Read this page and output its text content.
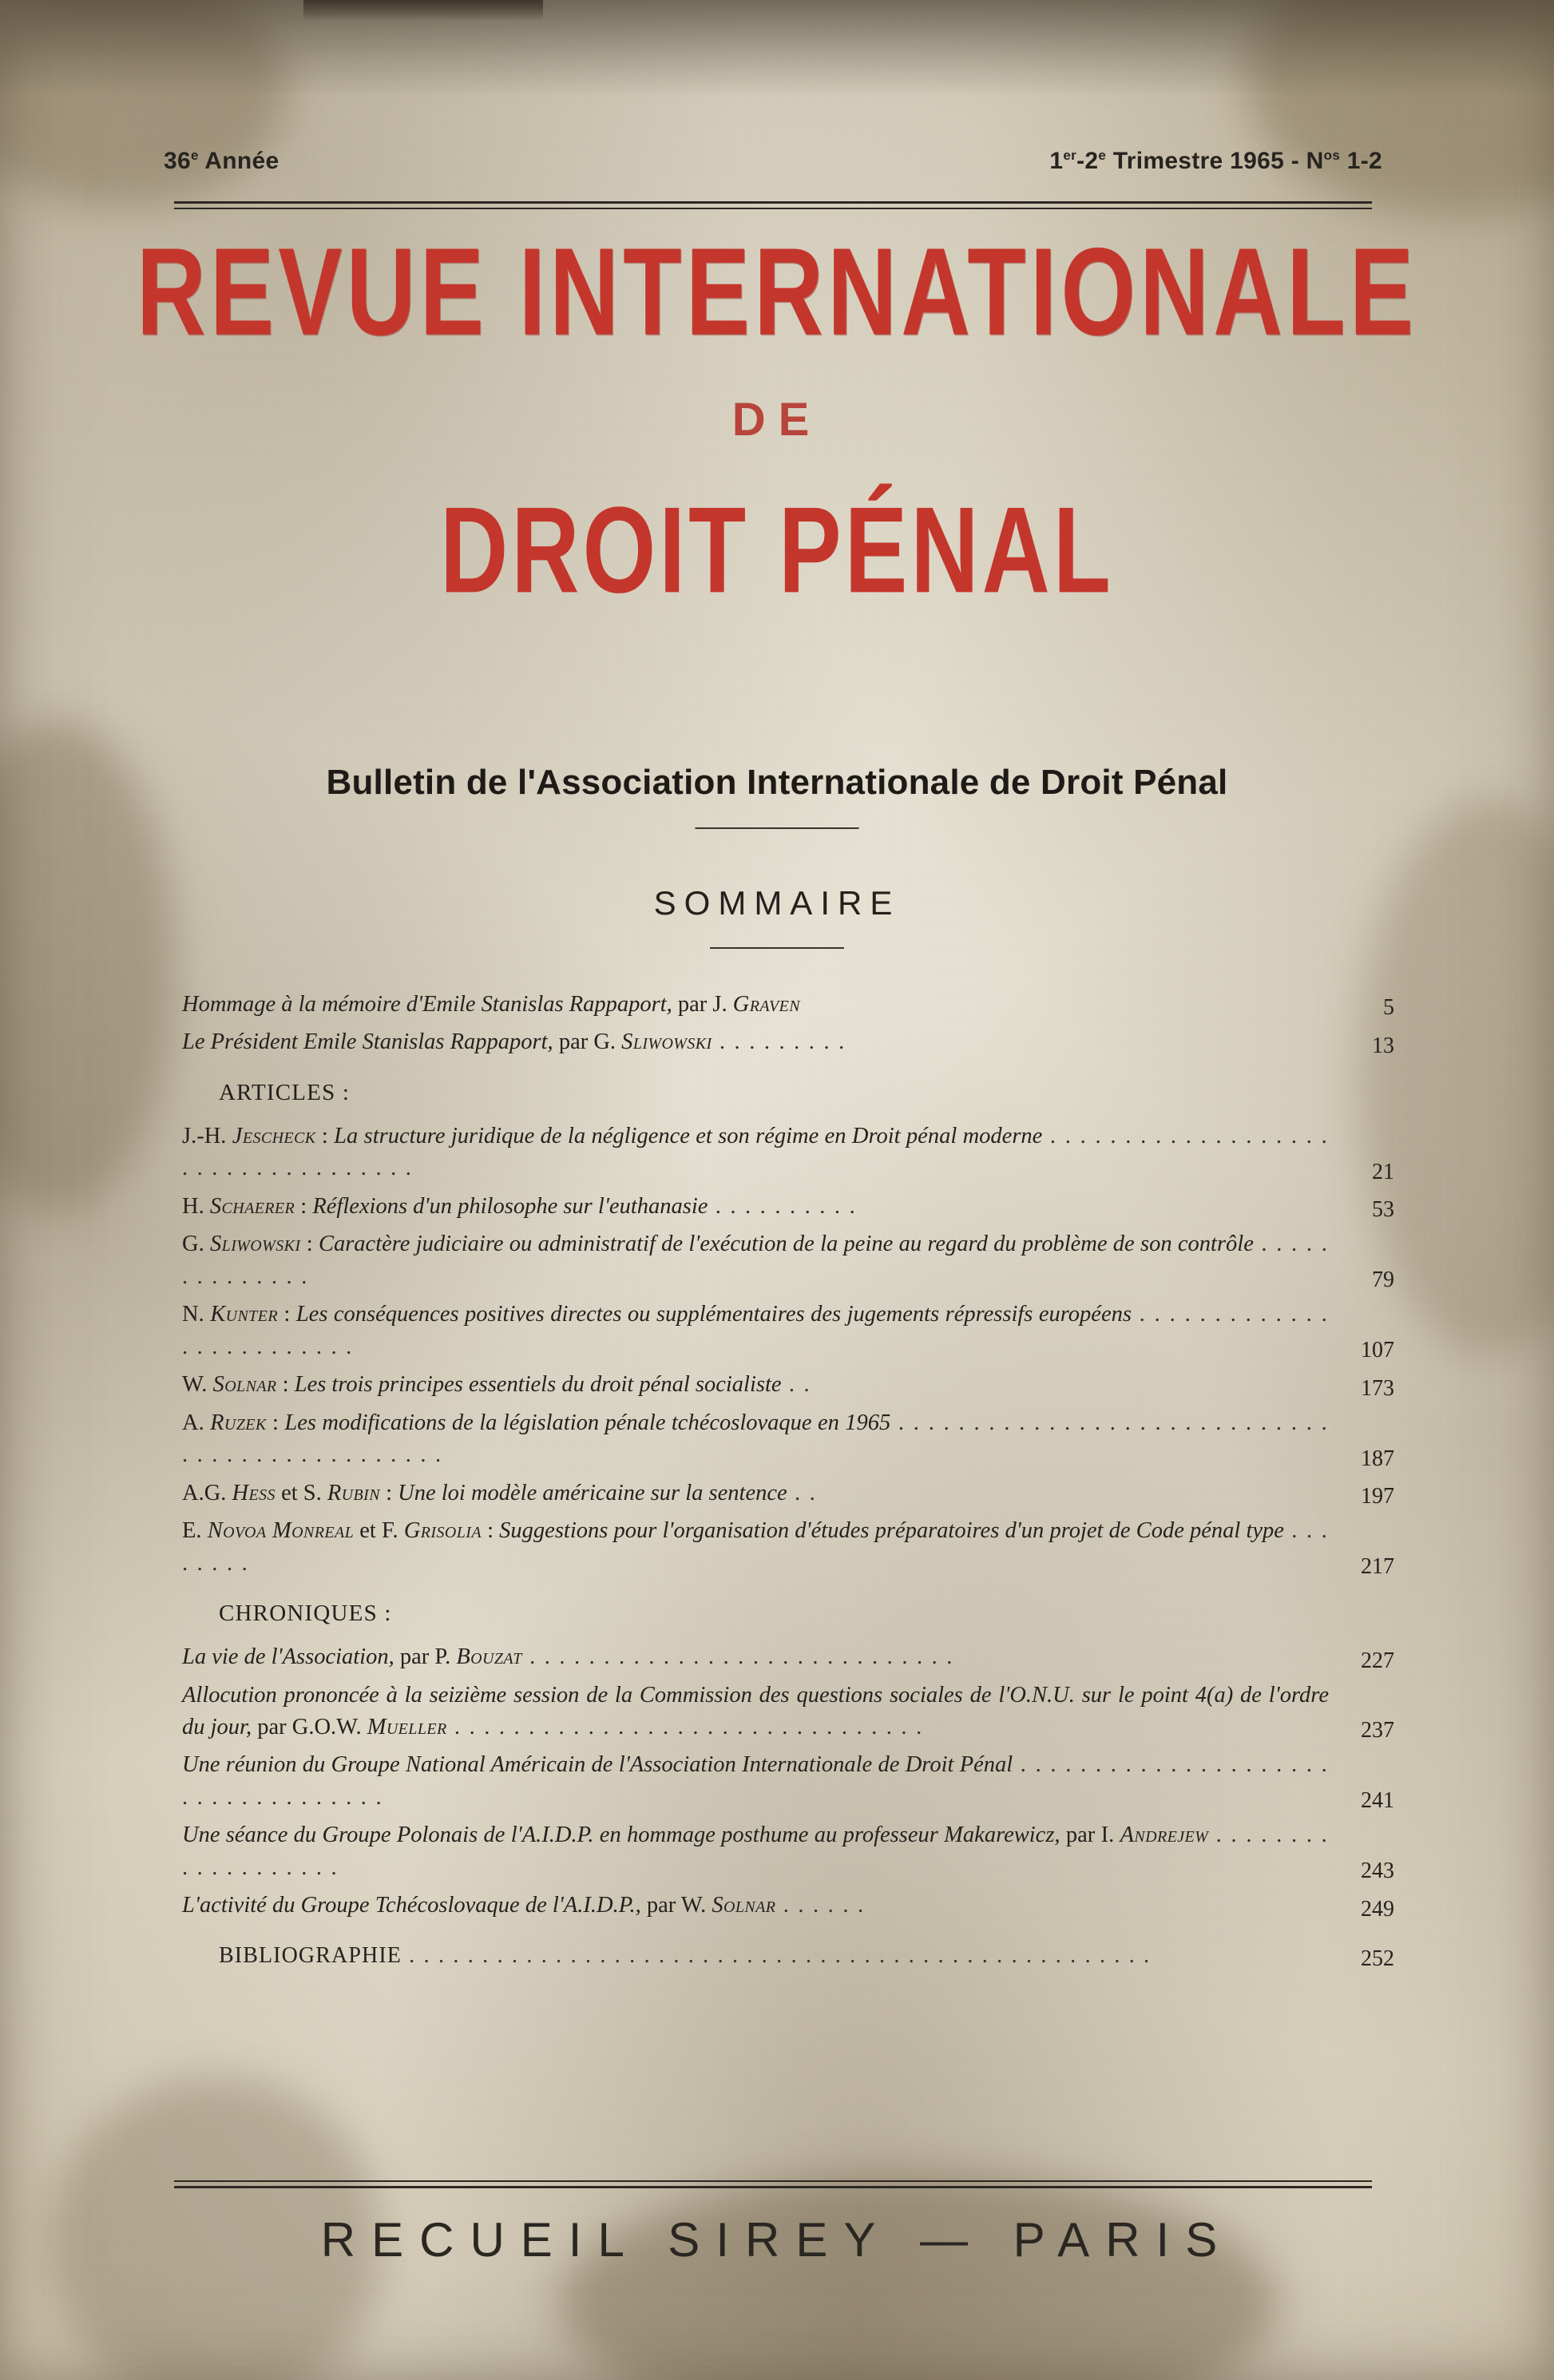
36e Année	1er-2e Trimestre $1965 - N^{os}$ 1-2
REVUE INTERNATIONALE
DE
DROIT PÉNAL
Bulletin de l'Association Internationale de Droit Pénal
SOMMAIRE
Hommage à la mémoire d'Emile Stanislas Rappaport, par J. Graven	5
Le Président Emile Stanislas Rappaport, par G. Sliwowski . . . . . . . . .	13
ARTICLES :
J.-H. Jescheck : La structure juridique de la négligence et son régime en Droit pénal moderne . . . . . . . . . . . . . . . . . . . . . . . . . . . . . . . . . . .	21
H. Schaerer : Réflexions d'un philosophe sur l'euthanasie . . . . . . . . . .	53
G. Sliwowski : Caractère judiciaire ou administratif de l'exécution de la peine au regard du problème de son contrôle . . . . . . . . . . . . . .	79
N. Kunter : Les conséquences positives directes ou supplémentaires des jugements répressifs européens . . . . . . . . . . . . . . . . . . . . . . . . .	107
W. Solnar : Les trois principes essentiels du droit pénal socialiste . .	173
A. Ruzek : Les modifications de la législation pénale tchécoslovaque en 1965 . . . . . . . . . . . . . . . . . . . . . . . . . . . . . . . . . . . . . . . . . . . . . . .	187
A.G. Hess et S. Rubin : Une loi modèle américaine sur la sentence . .	197
E. Novoa Monreal et F. Grisolia : Suggestions pour l'organisation d'études préparatoires d'un projet de Code pénal type . . . . . . . .	217
CHRONIQUES :
La vie de l'Association, par P. Bouzat . . . . . . . . . . . . . . . . . . . . . . . . . . . . .	227
Allocution prononcée à la seizième session de la Commission des questions sociales de l'O.N.U. sur le point 4(a) de l'ordre du jour, par G.O.W. Mueller . . . . . . . . . . . . . . . . . . . . . . . . . . . . . . . .	237
Une réunion du Groupe National Américain de l'Association Internationale de Droit Pénal . . . . . . . . . . . . . . . . . . . . . . . . . . . . . . . . . . .	241
Une séance du Groupe Polonais de l'A.I.D.P. en hommage posthume au professeur Makarewicz, par I. Andrejew . . . . . . . . . . . . . . . . . . .	243
L'activité du Groupe Tchécoslovaque de l'A.I.D.P., par W. Solnar . . . . . .	249
BIBLIOGRAPHIE . . . . . . . . . . . . . . . . . . . . . . . . . . . . . . . . . . . . . . . . . . . . . . . . . . .	252
RECUEIL SIREY — PARIS
